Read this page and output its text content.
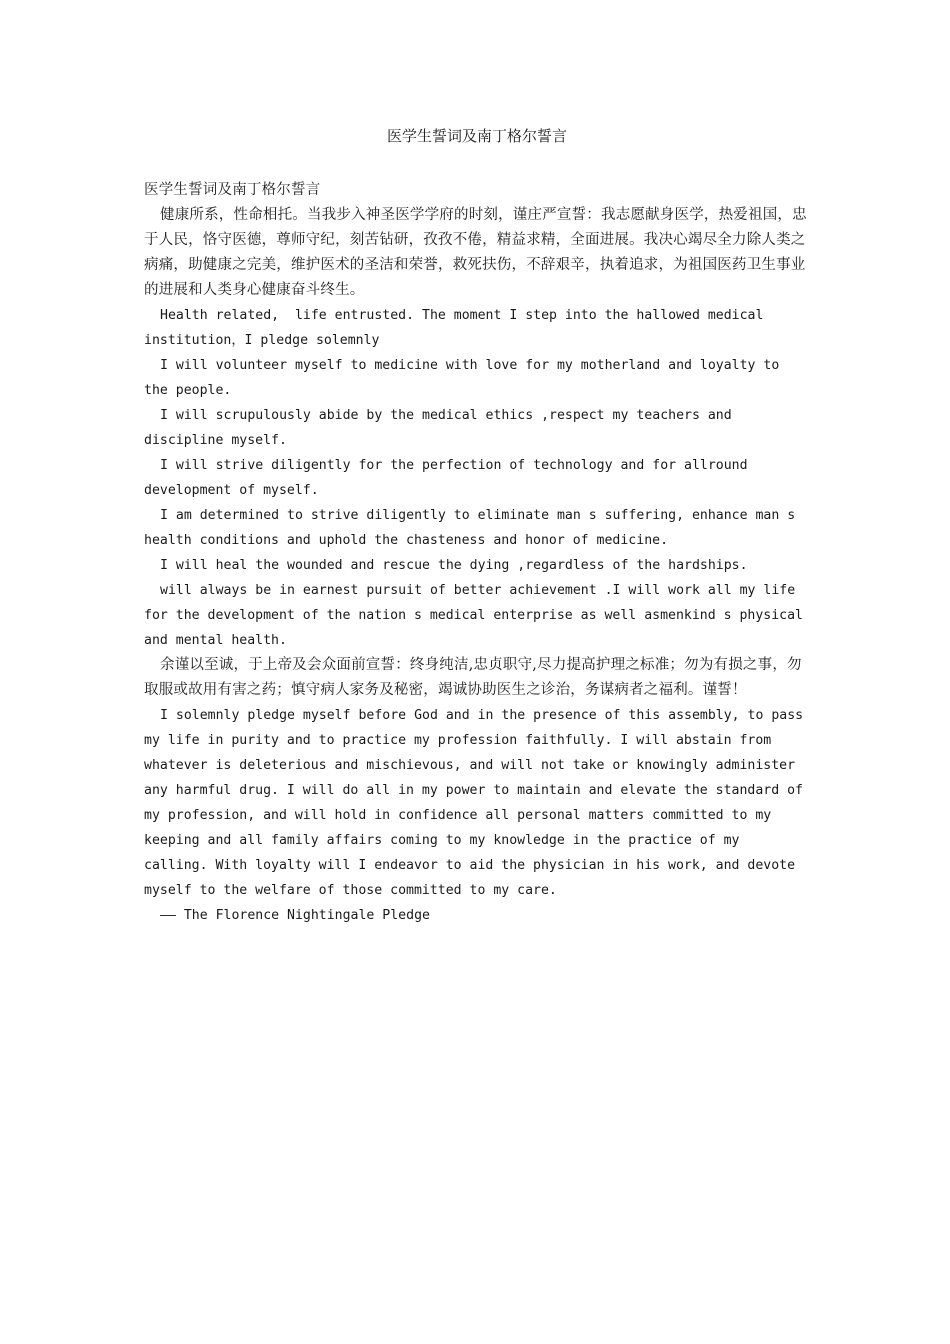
医学生誓词及南丁格尔誓言

医学生誓词及南丁格尔誓言

健康所系，性命相托。当我步入神圣医学学府的时刻，谨庄严宣誓：我志愿献身医学，热爱祖国，忠于人民，恪守医德，尊师守纪，刻苦钻研，孜孜不倦，精益求精，全面进展。我决心竭尽全力除人类之病痛，助健康之完美，维护医术的圣洁和荣誉，救死扶伤，不辞艰辛，执着追求，为祖国医药卫生事业的进展和人类身心健康奋斗终生。

Health related,  life entrusted. The moment I step into the hallowed medical institution，I pledge solemnly

I will volunteer myself to medicine with love for my motherland and loyalty to the people.

I will scrupulously abide by the medical ethics ,respect my teachers and discipline myself.

I will strive diligently for the perfection of technology and for allround development of myself.

I am determined to strive diligently to eliminate man s suffering, enhance man s health conditions and uphold the chasteness and honor of medicine.

I will heal the wounded and rescue the dying ,regardless of the hardships.

will always be in earnest pursuit of better achievement .I will work all my life for the development of the nation s medical enterprise as well asmenkind s physical and mental health.

余谨以至诚，于上帝及会众面前宣誓：终身纯洁,忠贞职守,尽力提高护理之标准；勿为有损之事，勿取服或故用有害之药；慎守病人家务及秘密，竭诚协助医生之诊治，务谋病者之福利。谨誓！

I solemnly pledge myself before God and in the presence of this assembly, to pass my life in purity and to practice my profession faithfully. I will abstain from whatever is deleterious and mischievous, and will not take or knowingly administer any harmful drug. I will do all in my power to maintain and elevate the standard of my profession, and will hold in confidence all personal matters committed to my keeping and all family affairs coming to my knowledge in the practice of my calling. With loyalty will I endeavor to aid the physician in his work, and devote myself to the welfare of those committed to my care.

—— The Florence Nightingale Pledge
